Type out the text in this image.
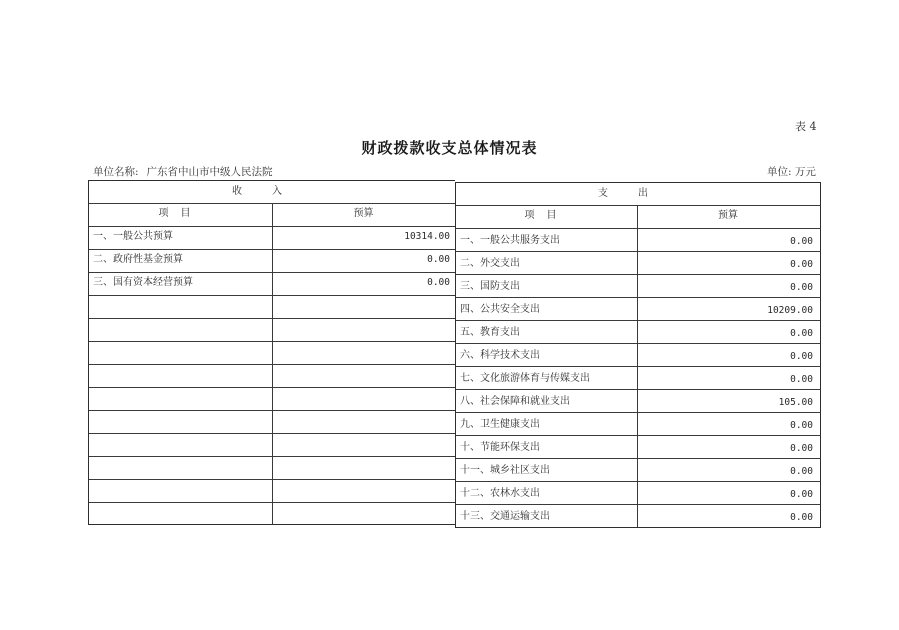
表 4
财政拨款收支总体情况表
单位名称: 广东省中山市中级人民法院	单位: 万元
收入
项目	预算
一、一般公共预算	10314.00
二、政府性基金预算	0.00
三、国有资本经营预算	0.00
支出
项目	预算
一、一般公共服务支出	0.00
二、外交支出	0.00
三、国防支出	0.00
四、公共安全支出	10209.00
五、教育支出	0.00
六、科学技术支出	0.00
七、文化旅游体育与传媒支出	0.00
八、社会保障和就业支出	105.00
九、卫生健康支出	0.00
十、节能环保支出	0.00
十一、城乡社区支出	0.00
十二、农林水支出	0.00
十三、交通运输支出	0.00
